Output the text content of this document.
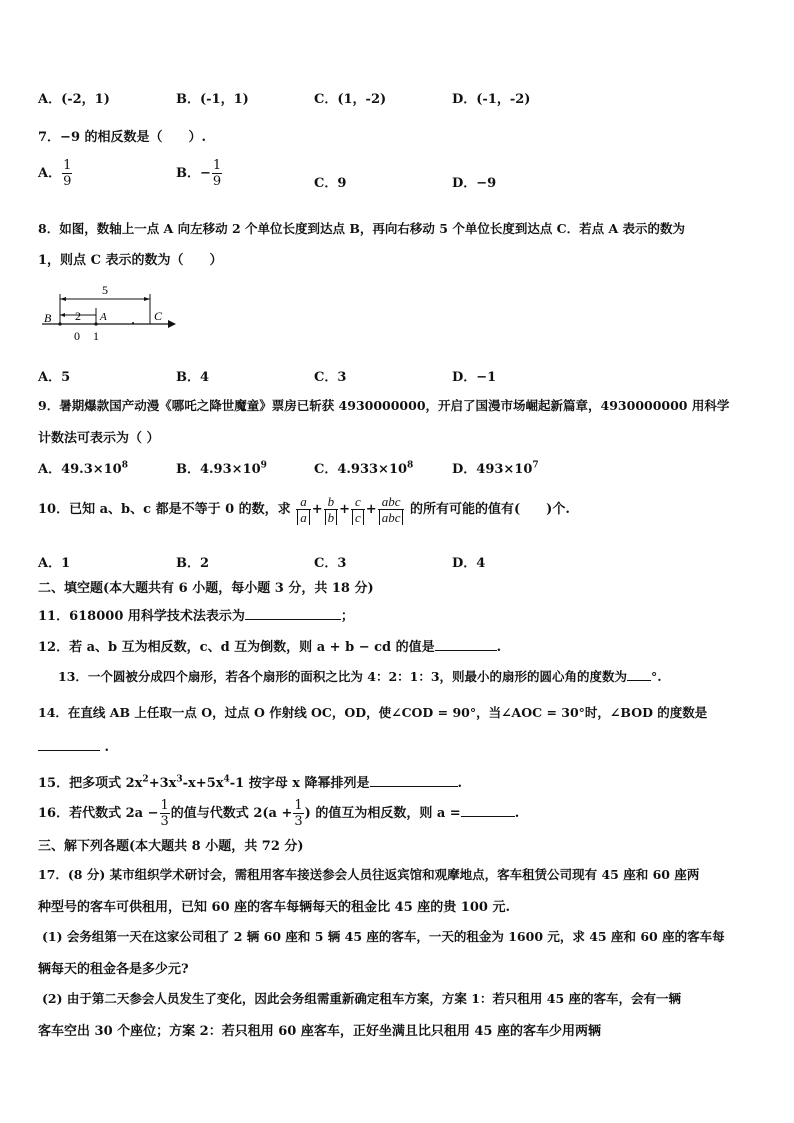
A．(-2，1)	B．(-1，1)	C．(1，-2)	D．(-1，-2)
7．−9 的相反数是（　　）.
A． $\frac{1}{9}$	B．− $\frac{1}{9}$	C．9	D．−9
8．如图，数轴上一点 A 向左移动 2 个单位长度到达点 B，再向右移动 5 个单位长度到达点 C．若点 A 表示的数为
1，则点 C 表示的数为（　　）
5
2
B	A	C
0 1
A．5	B．4	C．3	D．−1
9．暑期爆款国产动漫《哪吒之降世魔童》票房已斩获 4930000000，开启了国漫市场崛起新篇章，4930000000 用科学
计数法可表示为（ ）
A．$49.3\times 10^8$	B．$4.93\times 10^9$	C．$4.933\times 10^8$	D．$493\times 10^7$
10．已知 a、b、c 都是不等于 0 的数，求 $\frac{a}{a} + \frac{b}{b} + \frac{c}{c} + \frac{\text{abc}}{\text{abc}}$ 的所有可能的值有(　　)个.
A．1	B．2	C．3	D．4
二、填空题(本大题共有 6 小题，每小题 3 分，共 18 分)
11．618000 用科学技术法表示为	；
12．若 a、b 互为相反数，c、d 互为倒数，则 a + b − cd 的值是	.
13．一个圆被分成四个扇形，若各个扇形的面积之比为 4：2：1：3，则最小的扇形的圆心角的度数为 °.
14．在直线 AB 上任取一点 O，过点 O 作射线 OC，OD，使∠COD = 90°，当∠AOC = 30°时，∠BOD 的度数是
.
15．把多项式 $2x^2+3x^3-x+5x^4-1$ 按字母 x 降幂排列是	.
16．若代数式 $2a - \frac{1}{3}$ 的值与代数式 $2(a + \frac{1}{3}$ ) 的值互为相反数，则 a =	.
三、解下列各题(本大题共 8 小题，共 72 分)
17．(8 分) 某市组织学术研讨会，需租用客车接送参会人员往返宾馆和观摩地点，客车租赁公司现有 45 座和 60 座两
种型号的客车可供租用，已知 60 座的客车每辆每天的租金比 45 座的贵 100 元.
(1) 会务组第一天在这家公司租了 2 辆 60 座和 5 辆 45 座的客车，一天的租金为 1600 元，求 45 座和 60 座的客车每
辆每天的租金各是多少元?
(2) 由于第二天参会人员发生了变化，因此会务组需重新确定租车方案，方案 1：若只租用 45 座的客车，会有一辆
客车空出 30 个座位；方案 2：若只租用 60 座客车，正好坐满且比只租用 45 座的客车少用两辆
